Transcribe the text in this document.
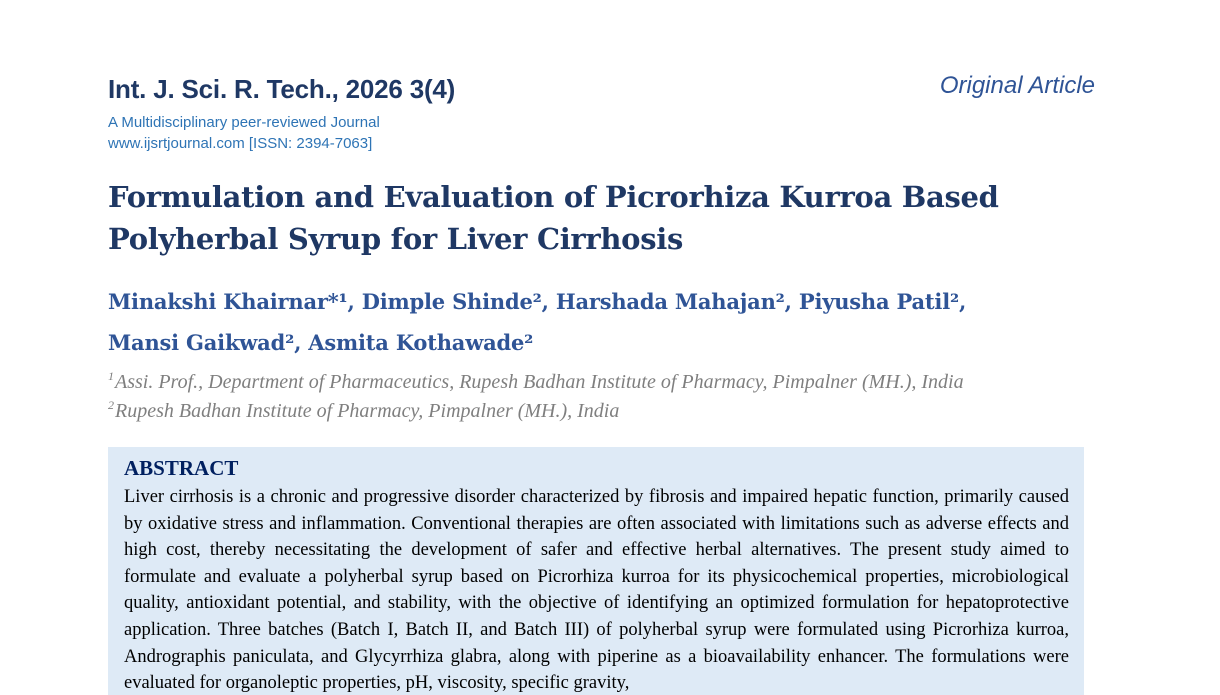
Int. J. Sci. R. Tech., 2026 3(4)	Original Article
A Multidisciplinary peer-reviewed Journal
www.ijsrtjournal.com [ISSN: 2394-7063]
Formulation and Evaluation of Picrorhiza Kurroa Based
Polyherbal Syrup for Liver Cirrhosis
Minakshi Khairnar*¹, Dimple Shinde², Harshada Mahajan², Piyusha Patil²,
Mansi Gaikwad², Asmita Kothawade²
$^1$Assi. Prof., Department of Pharmaceutics, Rupesh Badhan Institute of Pharmacy, Pimpalner (MH.), India
$^2$Rupesh Badhan Institute of Pharmacy, Pimpalner (MH.), India
ABSTRACT

Liver cirrhosis is a chronic and progressive disorder characterized by fibrosis and impaired hepatic function, primarily caused by oxidative stress and inflammation. Conventional therapies are often associated with limitations such as adverse effects and high cost, thereby necessitating the development of safer and effective herbal alternatives. The present study aimed to formulate and evaluate a polyherbal syrup based on Picrorhiza kurroa for its physicochemical properties, microbiological quality, antioxidant potential, and stability, with the objective of identifying an optimized formulation for hepatoprotective application. Three batches (Batch I, Batch II, and Batch III) of polyherbal syrup were formulated using Picrorhiza kurroa, Andrographis paniculata, and Glycyrrhiza glabra, along with piperine as a bioavailability enhancer. The formulations were evaluated for organoleptic properties, pH, viscosity, specific gravity,
